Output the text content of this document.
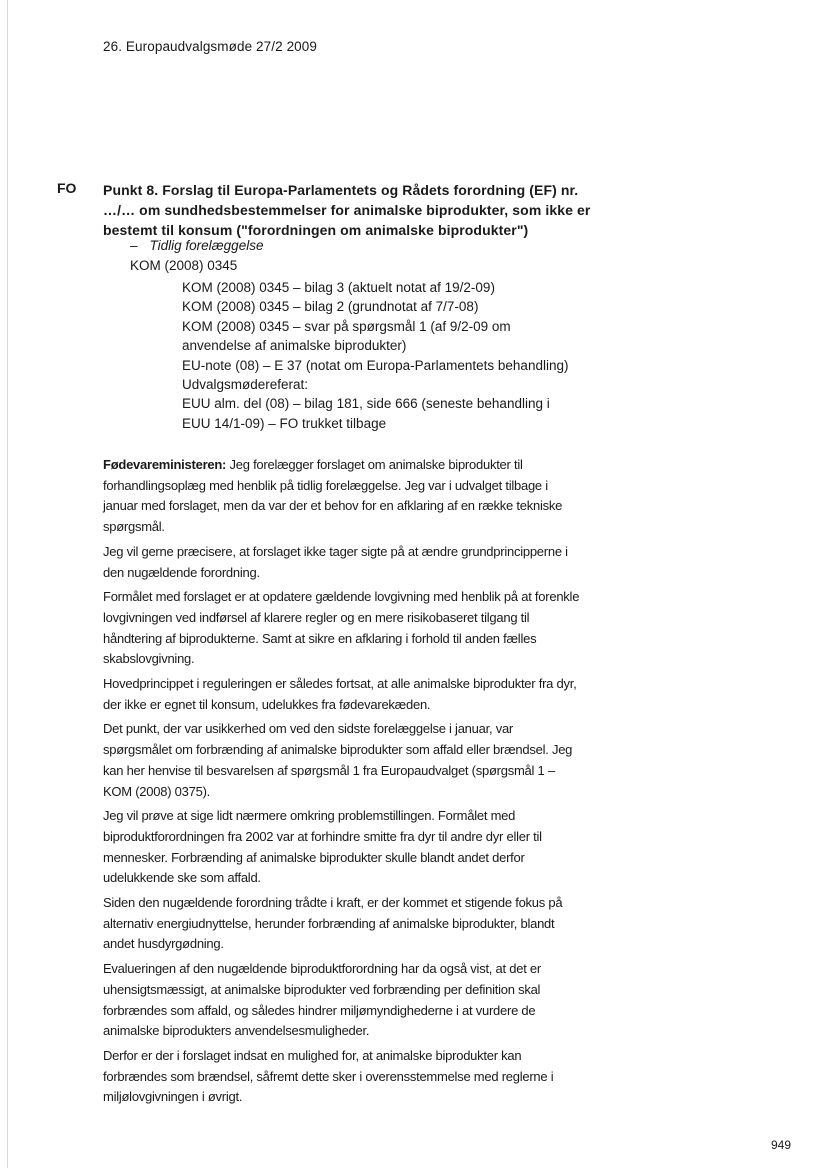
26. Europaudvalgsmøde 27/2 2009
FO Punkt 8. Forslag til Europa-Parlamentets og Rådets forordning (EF) nr.
…/… om sundhedsbestemmelser for animalske biprodukter, som ikke er
bestemt til konsum ("forordningen om animalske biprodukter")
– Tidlig forelæggelse
KOM (2008) 0345
KOM (2008) 0345 – bilag 3 (aktuelt notat af 19/2-09)
KOM (2008) 0345 – bilag 2 (grundnotat af 7/7-08)
KOM (2008) 0345 – svar på spørgsmål 1 (af 9/2-09 om
anvendelse af animalske biprodukter)
EU-note (08) – E 37 (notat om Europa-Parlamentets behandling)
Udvalgsmødereferat:
EUU alm. del (08) – bilag 181, side 666 (seneste behandling i
EUU 14/1-09) – FO trukket tilbage

Fødevareministeren: Jeg forelægger forslaget om animalske biprodukter til forhandlingsoplæg med henblik på tidlig forelæggelse. Jeg var i udvalget tilbage i januar med forslaget, men da var der et behov for en afklaring af en række tekniske spørgsmål.

Jeg vil gerne præcisere, at forslaget ikke tager sigte på at ændre grundprincipperne i den nugældende forordning.

Formålet med forslaget er at opdatere gældende lovgivning med henblik på at forenkle lovgivningen ved indførsel af klarere regler og en mere risikobaseret tilgang til håndtering af biprodukterne. Samt at sikre en afklaring i forhold til anden fælles skabslovgivning.

Hovedprincippet i reguleringen er således fortsat, at alle animalske biprodukter fra dyr, der ikke er egnet til konsum, udelukkes fra fødevarekæden.

Det punkt, der var usikkerhed om ved den sidste forelæggelse i januar, var spørgsmålet om forbrænding af animalske biprodukter som affald eller brændsel. Jeg kan her henvise til besvarelsen af spørgsmål 1 fra Europaudvalget (spørgsmål 1 – KOM (2008) 0375).

Jeg vil prøve at sige lidt nærmere omkring problemstillingen. Formålet med biproduktforordningen fra 2002 var at forhindre smitte fra dyr til andre dyr eller til mennesker. Forbrænding af animalske biprodukter skulle blandt andet derfor udelukkende ske som affald.

Siden den nugældende forordning trådte i kraft, er der kommet et stigende fokus på alternativ energiudnyttelse, herunder forbrænding af animalske biprodukter, blandt andet husdyrgødning.

Evalueringen af den nugældende biproduktforordning har da også vist, at det er uhensigtsmæssigt, at animalske biprodukter ved forbrænding per definition skal forbrændes som affald, og således hindrer miljømyndighederne i at vurdere de animalske biprodukters anvendelsesmuligheder.

Derfor er der i forslaget indsat en mulighed for, at animalske biprodukter kan forbrændes som brændsel, såfremt dette sker i overensstemmelse med reglerne i miljølovgivningen i øvrigt.

949
